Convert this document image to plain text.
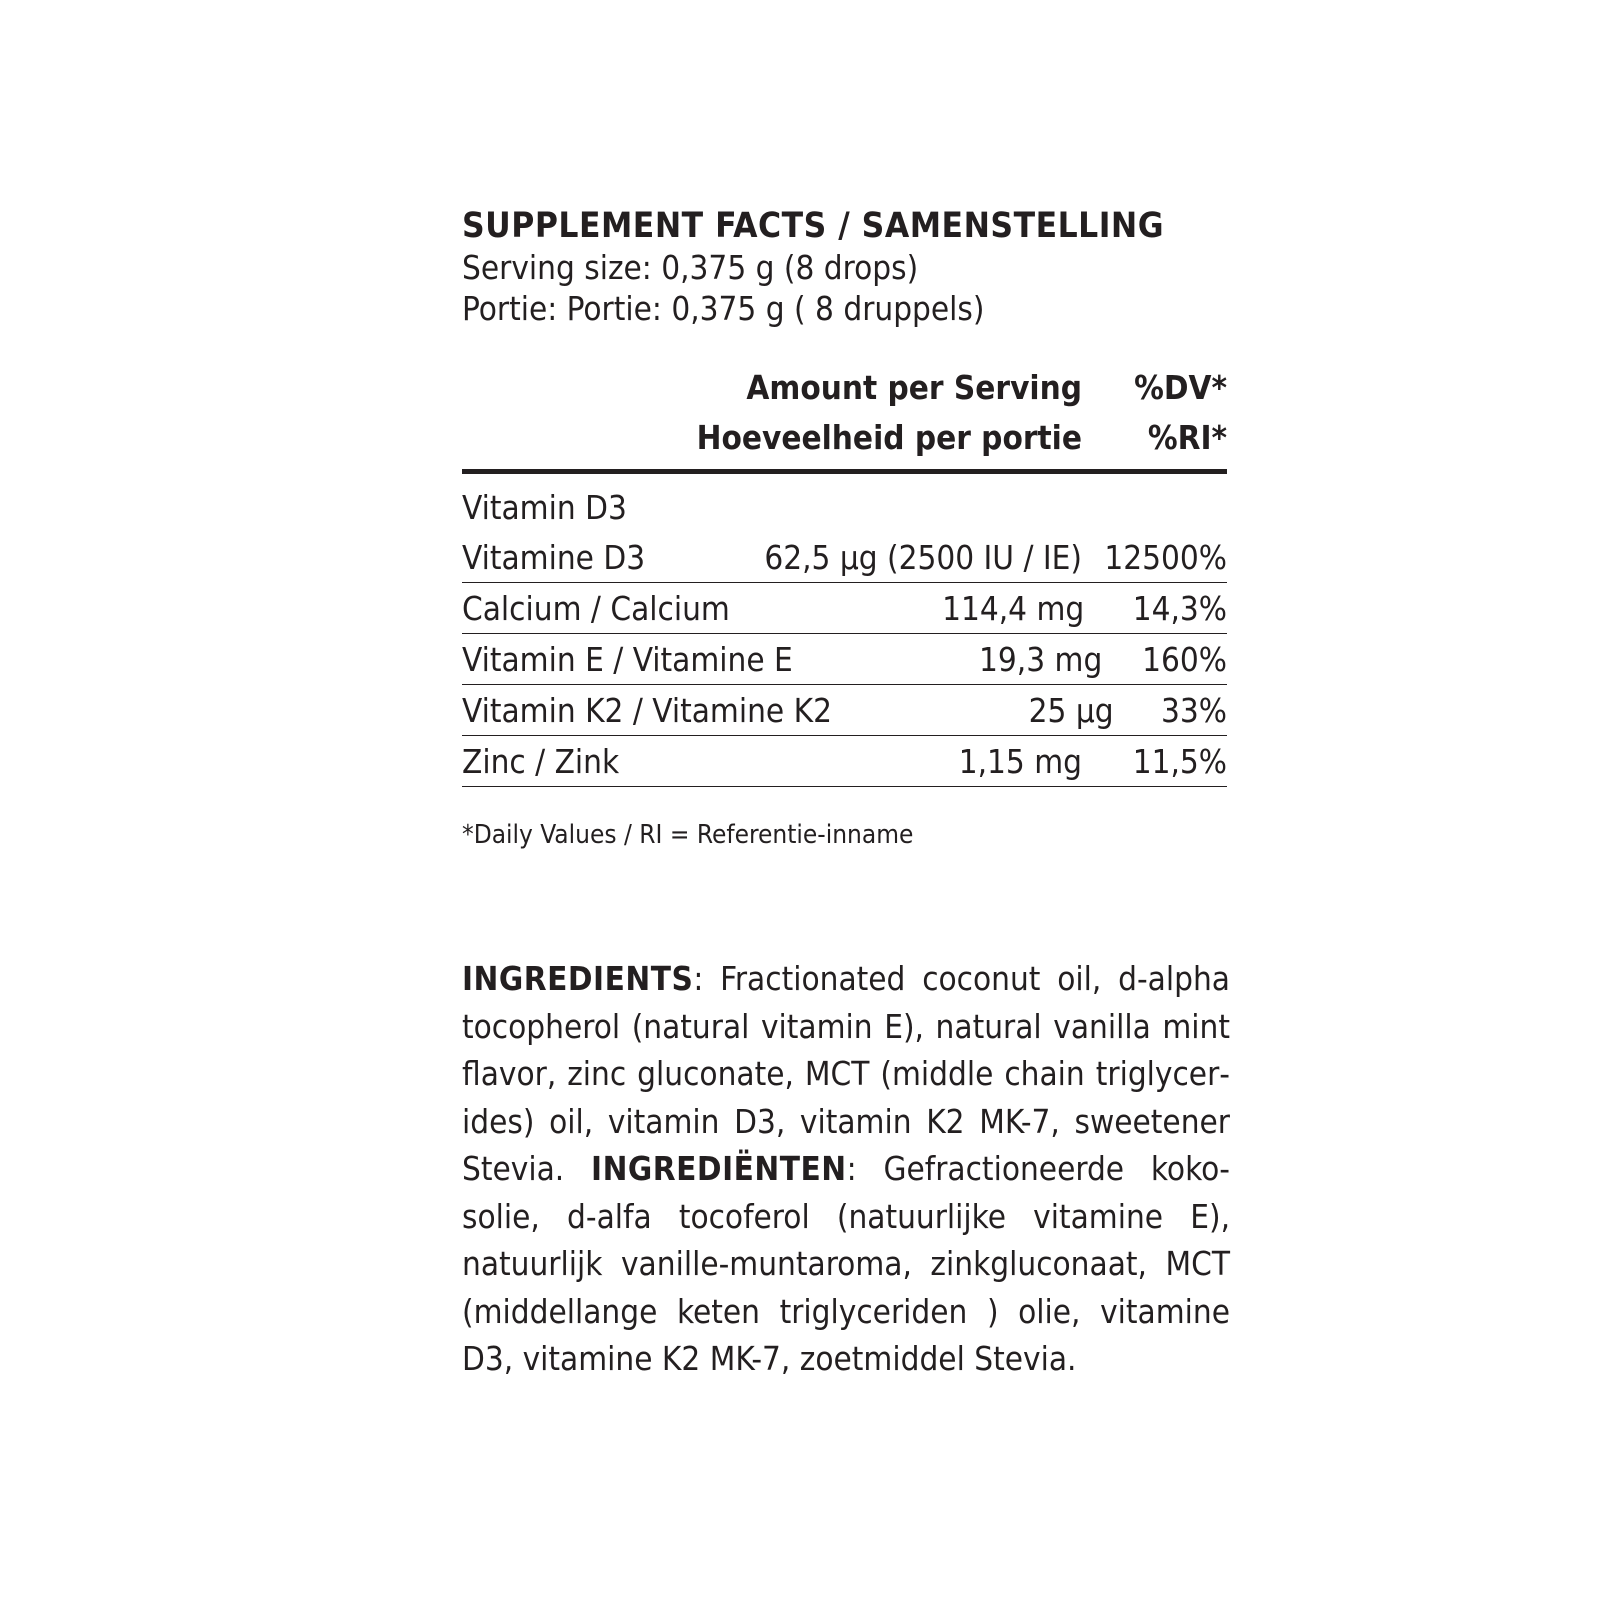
SUPPLEMENT FACTS / SAMENSTELLING
Serving size: 0,375 g (8 drops)
Portie: Portie: 0,375 g ( 8 druppels)
Amount per Serving	%DV*
Hoeveelheid per portie	%RI*
Vitamin D3
Vitamine D3	62,5 µg (2500 IU / IE) 12500%
Calcium / Calcium	114,4 mg	14,3%
Vitamin E / Vitamine E	19,3 mg	160%
Vitamin K2 / Vitamine K2	25 µg	33%
Zinc / Zink	1,15 mg	11,5%
*Daily Values / RI = Referentie-inname
INGREDIENTS: Fractionated coconut oil, d-alpha tocopherol (natural vitamin E), natural vanilla mint flavor, zinc gluconate, MCT (middle chain triglycerides) oil, vitamin D3, vitamin K2 MK-7, sweetener Stevia. INGREDIËNTEN: Gefractioneerde kokosolie, d-alfa tocoferol (natuurlijke vitamine E), natuurlijk vanille-muntaroma, zinkgluconaat, MCT (middellange keten triglyceriden ) olie, vitamine D3, vitamine K2 MK-7, zoetmiddel Stevia.
